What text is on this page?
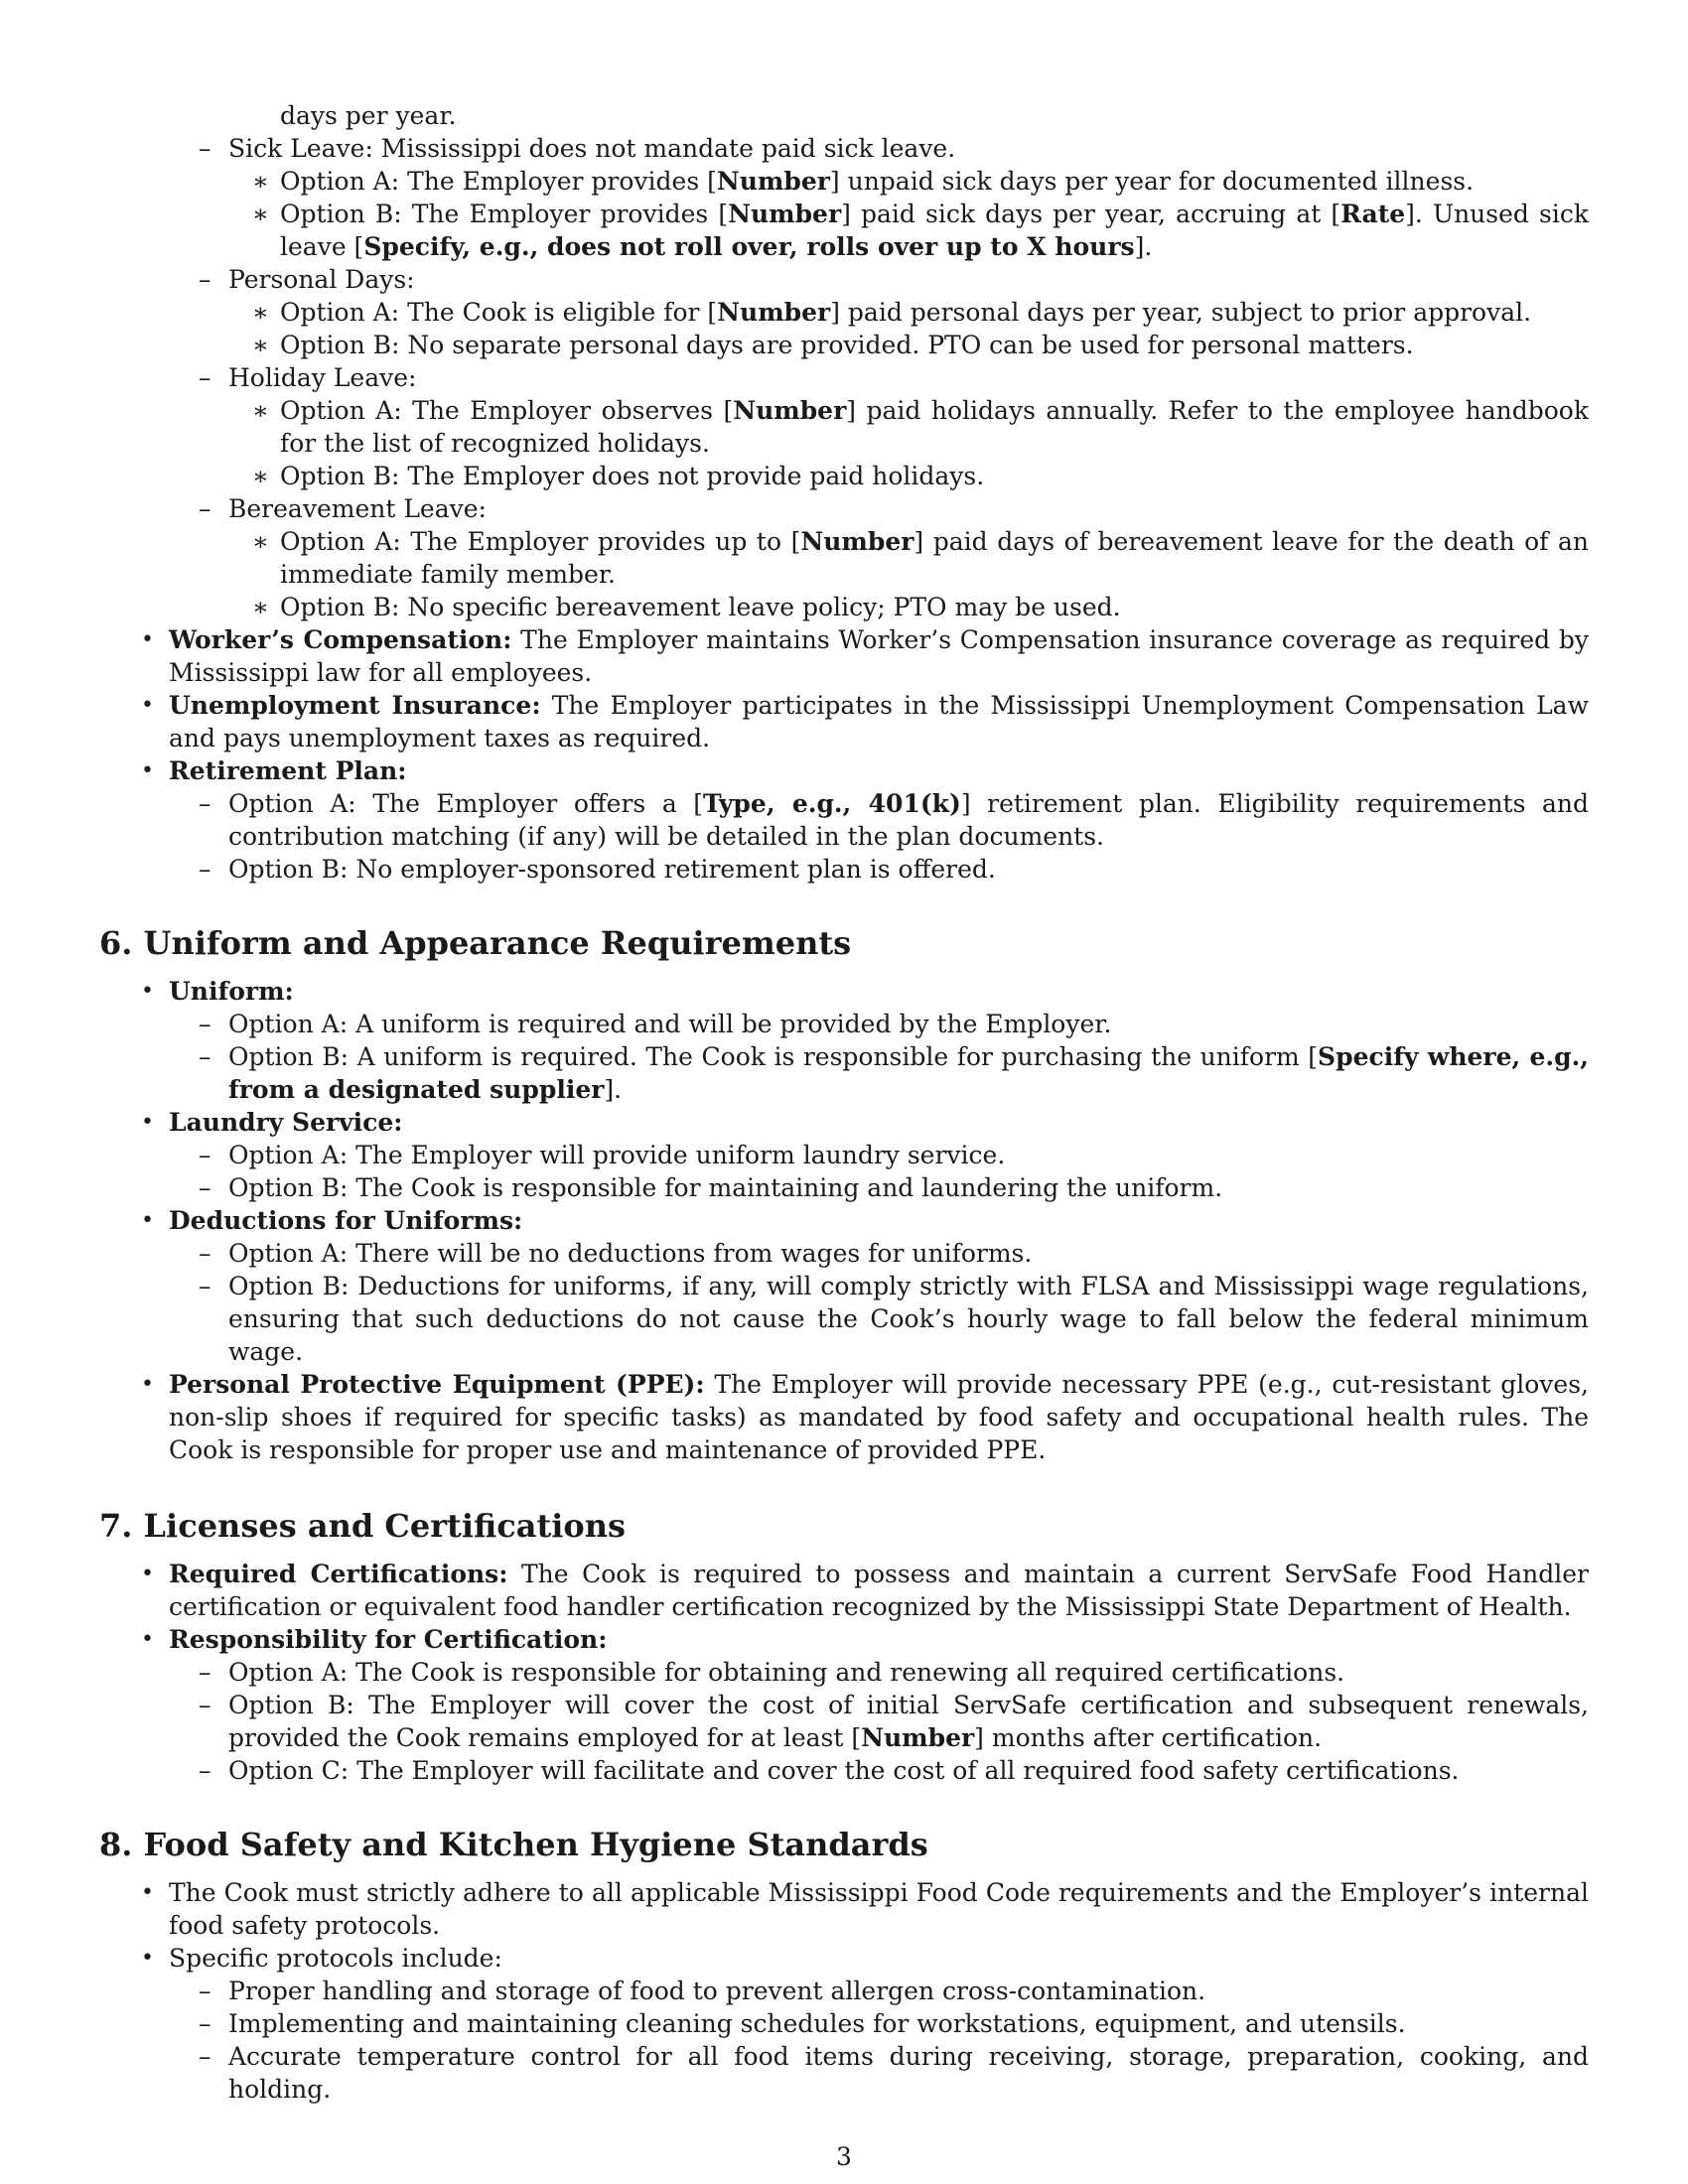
days per year.
– Sick Leave: Mississippi does not mandate paid sick leave.
∗ Option A: The Employer provides [Number] unpaid sick days per year for documented illness.
∗ Option B: The Employer provides [Number] paid sick days per year, accruing at [Rate]. Unused sick leave [Specify, e.g., does not roll over, rolls over up to X hours].
– Personal Days:
∗ Option A: The Cook is eligible for [Number] paid personal days per year, subject to prior approval.
∗ Option B: No separate personal days are provided. PTO can be used for personal matters.
– Holiday Leave:
∗ Option A: The Employer observes [Number] paid holidays annually. Refer to the employee handbook for the list of recognized holidays.
∗ Option B: The Employer does not provide paid holidays.
– Bereavement Leave:
∗ Option A: The Employer provides up to [Number] paid days of bereavement leave for the death of an immediate family member.
∗ Option B: No specific bereavement leave policy; PTO may be used.
• Worker’s Compensation: The Employer maintains Worker’s Compensation insurance coverage as required by Mississippi law for all employees.
• Unemployment Insurance: The Employer participates in the Mississippi Unemployment Compensation Law and pays unemployment taxes as required.
• Retirement Plan:
– Option A: The Employer offers a [Type, e.g., 401(k)] retirement plan. Eligibility requirements and contribution matching (if any) will be detailed in the plan documents.
– Option B: No employer-sponsored retirement plan is offered.
6. Uniform and Appearance Requirements
• Uniform:
– Option A: A uniform is required and will be provided by the Employer.
– Option B: A uniform is required. The Cook is responsible for purchasing the uniform [Specify where, e.g., from a designated supplier].
• Laundry Service:
– Option A: The Employer will provide uniform laundry service.
– Option B: The Cook is responsible for maintaining and laundering the uniform.
• Deductions for Uniforms:
– Option A: There will be no deductions from wages for uniforms.
– Option B: Deductions for uniforms, if any, will comply strictly with FLSA and Mississippi wage regulations, ensuring that such deductions do not cause the Cook’s hourly wage to fall below the federal minimum wage.
• Personal Protective Equipment (PPE): The Employer will provide necessary PPE (e.g., cut-resistant gloves, non-slip shoes if required for specific tasks) as mandated by food safety and occupational health rules. The Cook is responsible for proper use and maintenance of provided PPE.
7. Licenses and Certifications
• Required Certifications: The Cook is required to possess and maintain a current ServSafe Food Handler certification or equivalent food handler certification recognized by the Mississippi State Department of Health.
• Responsibility for Certification:
– Option A: The Cook is responsible for obtaining and renewing all required certifications.
– Option B: The Employer will cover the cost of initial ServSafe certification and subsequent renewals, provided the Cook remains employed for at least [Number] months after certification.
– Option C: The Employer will facilitate and cover the cost of all required food safety certifications.
8. Food Safety and Kitchen Hygiene Standards
• The Cook must strictly adhere to all applicable Mississippi Food Code requirements and the Employer’s internal food safety protocols.
• Specific protocols include:
– Proper handling and storage of food to prevent allergen cross-contamination.
– Implementing and maintaining cleaning schedules for workstations, equipment, and utensils.
– Accurate temperature control for all food items during receiving, storage, preparation, cooking, and holding.
3
